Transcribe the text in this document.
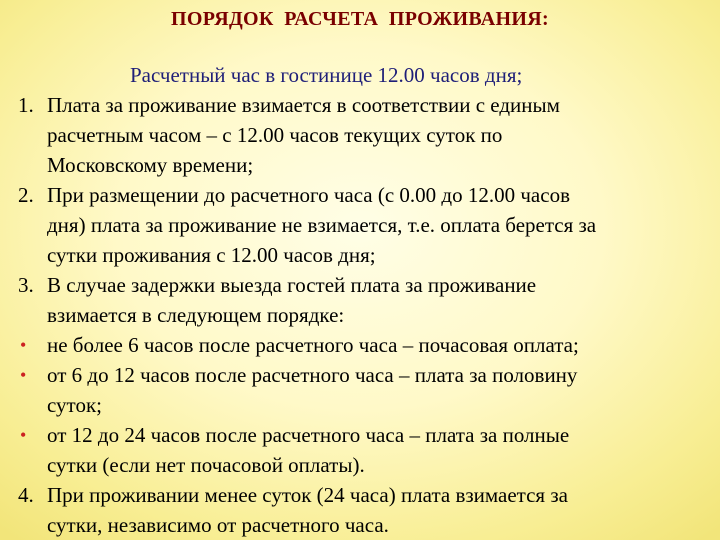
ПОРЯДОК  РАСЧЕТА  ПРОЖИВАНИЯ:
Расчетный час в гостинице 12.00 часов дня;
1. Плата за проживание взимается в соответствии с единым
расчетным часом – с 12.00 часов текущих суток по
Московскому времени;
2. При размещении до расчетного часа (с 0.00 до 12.00 часов
дня) плата за проживание не взимается, т.е. оплата берется за
сутки проживания с 12.00 часов дня;
3. В случае задержки выезда гостей плата за проживание
взимается в следующем порядке:
• не более 6 часов после расчетного часа – почасовая оплата;
• от 6 до 12 часов после расчетного часа – плата за половину
суток;
• от 12 до 24 часов после расчетного часа – плата за полные
сутки (если нет почасовой оплаты).
4. При проживании менее суток (24 часа) плата взимается за
сутки, независимо от расчетного часа.
